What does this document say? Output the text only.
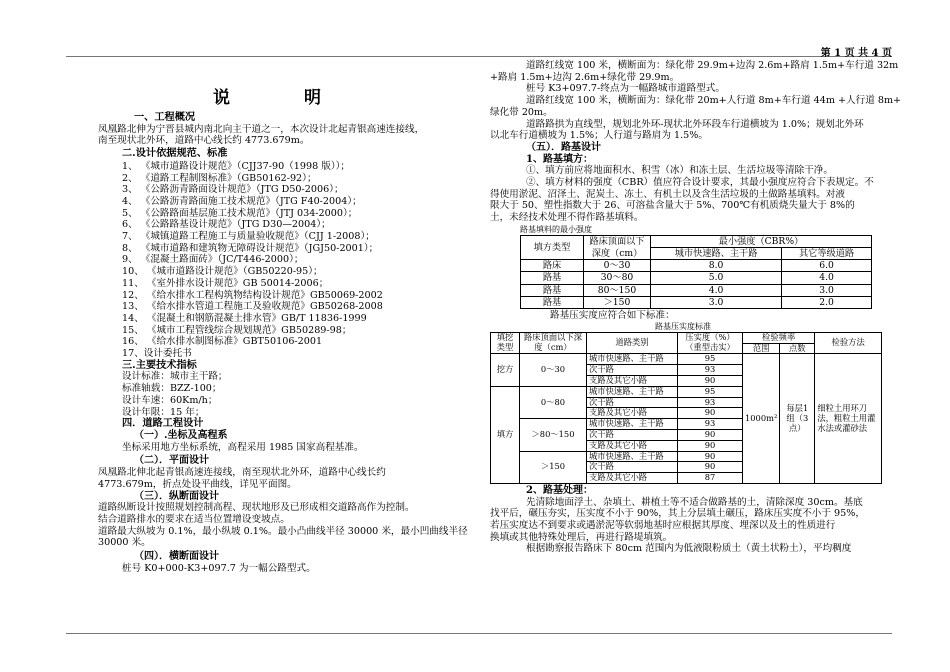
第 1 页 共 4 页

说 明

一、工程概况

凤凰路北伸为宁晋县城内南北向主干道之一，本次设计北起青银高速连接线，

南至现状北外环，道路中心线长约 4773.679m。

二.设计依据规范、标准

1、 《城市道路设计规范》（CJJ37-90（1998 版））；

2、 《道路工程制图标准》（GB50162-92）；

3、 《公路沥青路面设计规范》（JTG D50-2006）；

4、 《公路沥青路面施工技术规范》（JTG F40-2004）；

5、 《公路路面基层施工技术规范》（JTJ 034-2000）；

6、 《公路路基设计规范》（JTG D30—2004）；

7、 《城镇道路工程施工与质量验收规范》（CJJ 1-2008）；

8、 《城市道路和建筑物无障碍设计规范》（JGJ50-2001）；

9、 《混凝土路面砖》（JC/T446-2000）；

10、 《城市道路设计规范》（GB50220-95）；

11、 《室外排水设计规范》GB 50014-2006；

12、 《给水排水工程构筑物结构设计规范》GB50069-2002

13、 《给水排水管道工程施工及验收规范》GB50268-2008

14、 《混凝土和钢筋混凝土排水管》GB/T 11836-1999

15、 《城市工程管线综合规划规范》GB50289-98；

16、 《给水排水制图标准》GBT50106-2001

17、设计委托书

三.主要技术指标

设计标准：城市主干路；

标准轴载：BZZ-100；

设计车速：60Km/h；

设计年限：15 年；

四．道路工程设计

（一）.坐标及高程系

坐标采用地方坐标系统，高程采用 1985 国家高程基准。

（二）．平面设计

凤凰路北伸北起青银高速连接线，南至现状北外环，道路中心线长约

4773.679m，折点处设平曲线，详见平面图。

（三）．纵断面设计

道路纵断设计按照规划控制高程、现状地形及已形成相交道路高作为控制。

结合道路排水的要求在适当位置增设变坡点。

道路最大纵坡为 0.1%，最小纵坡 0.1%。最小凸曲线半径 30000 米，最小凹曲线半径

30000 米。

（四）．横断面设计

桩号 K0+000-K3+097.7 为一幅公路型式。

道路红线宽 100 米，横断面为：绿化带 29.9m+边沟 2.6m+路肩 1.5m+车行道 32m

+路肩 1.5m+边沟 2.6m+绿化带 29.9m。

桩号 K3+097.7-终点为一幅路城市道路型式。

道路红线宽 100 米，横断面为：绿化带 20m+人行道 8m+车行道 44m +人行道 8m+

绿化带 20m。

道路路拱为直线型，规划北外环-现状北外环段车行道横坡为 1.0%；规划北外环

以北车行道横坡为 1.5%；人行道与路肩为 1.5%。

（五）．路基设计

1、路基填方：

①、填方前应将地面积水、积雪（冰）和冻土层、生活垃圾等清除干净。

②、填方材料的强度（CBR）值应符合设计要求，其最小强度应符合下表规定。不

得使用淤泥、沼泽土、泥炭土、冻土、有机土以及含生活垃圾的土做路基填料。对液

限大于 50、塑性指数大于 26、可溶盐含量大于 5%、700℃有机质烧失量大于 8%的

土，未经技术处理不得作路基填料。

路基填料的最小强度
填方类型	路床顶面以下深度（cm）	最小强度（CBR%）	
		城市快速路、主干路	其它等级道路
路床	0～30	8.0	6.0
路基	30～80	5.0	4.0
路基	80～150	4.0	3.0
路基	＞150	3.0	2.0

路基压实度应符合如下标准：

路基压实度标准
填挖类型	路床顶面以下深度（cm）	道路类别	压实度（%）（重型击实）	检验频率		检验方法
				范围	点数	
挖方	0～30	城市快速路、主干路	95	1000m²	每层1组（3点）	细粒土用环刀法，粗粒土用灌水法或灌砂法
		次干路	93			
		支路及其它小路	90			
填方	0～80	城市快速路、主干路	95			
		次干路	93			
		支路及其它小路	90			
	＞80～150	城市快速路、主干路	93			
		次干路	90			
		支路及其它小路	90			
	＞150	城市快速路、主干路	90			
		次干路	90			
		支路及其它小路	87			

2、路基处理：

先清除地面浮土、杂填土、耕植土等不适合做路基的土，清除深度 30cm。基底

找平后，碾压夯实，压实度不小于 90%，其上分层填土碾压，路床压实度不小于 95%，

若压实度达不到要求或遇淤泥等软弱地基时应根据其厚度、埋深以及土的性质进行

换填或其他特殊处理后，再进行路堤填筑。

根据勘察报告路床下 80cm 范围内为低液限粉质土（黄土状粉土），平均稠度
